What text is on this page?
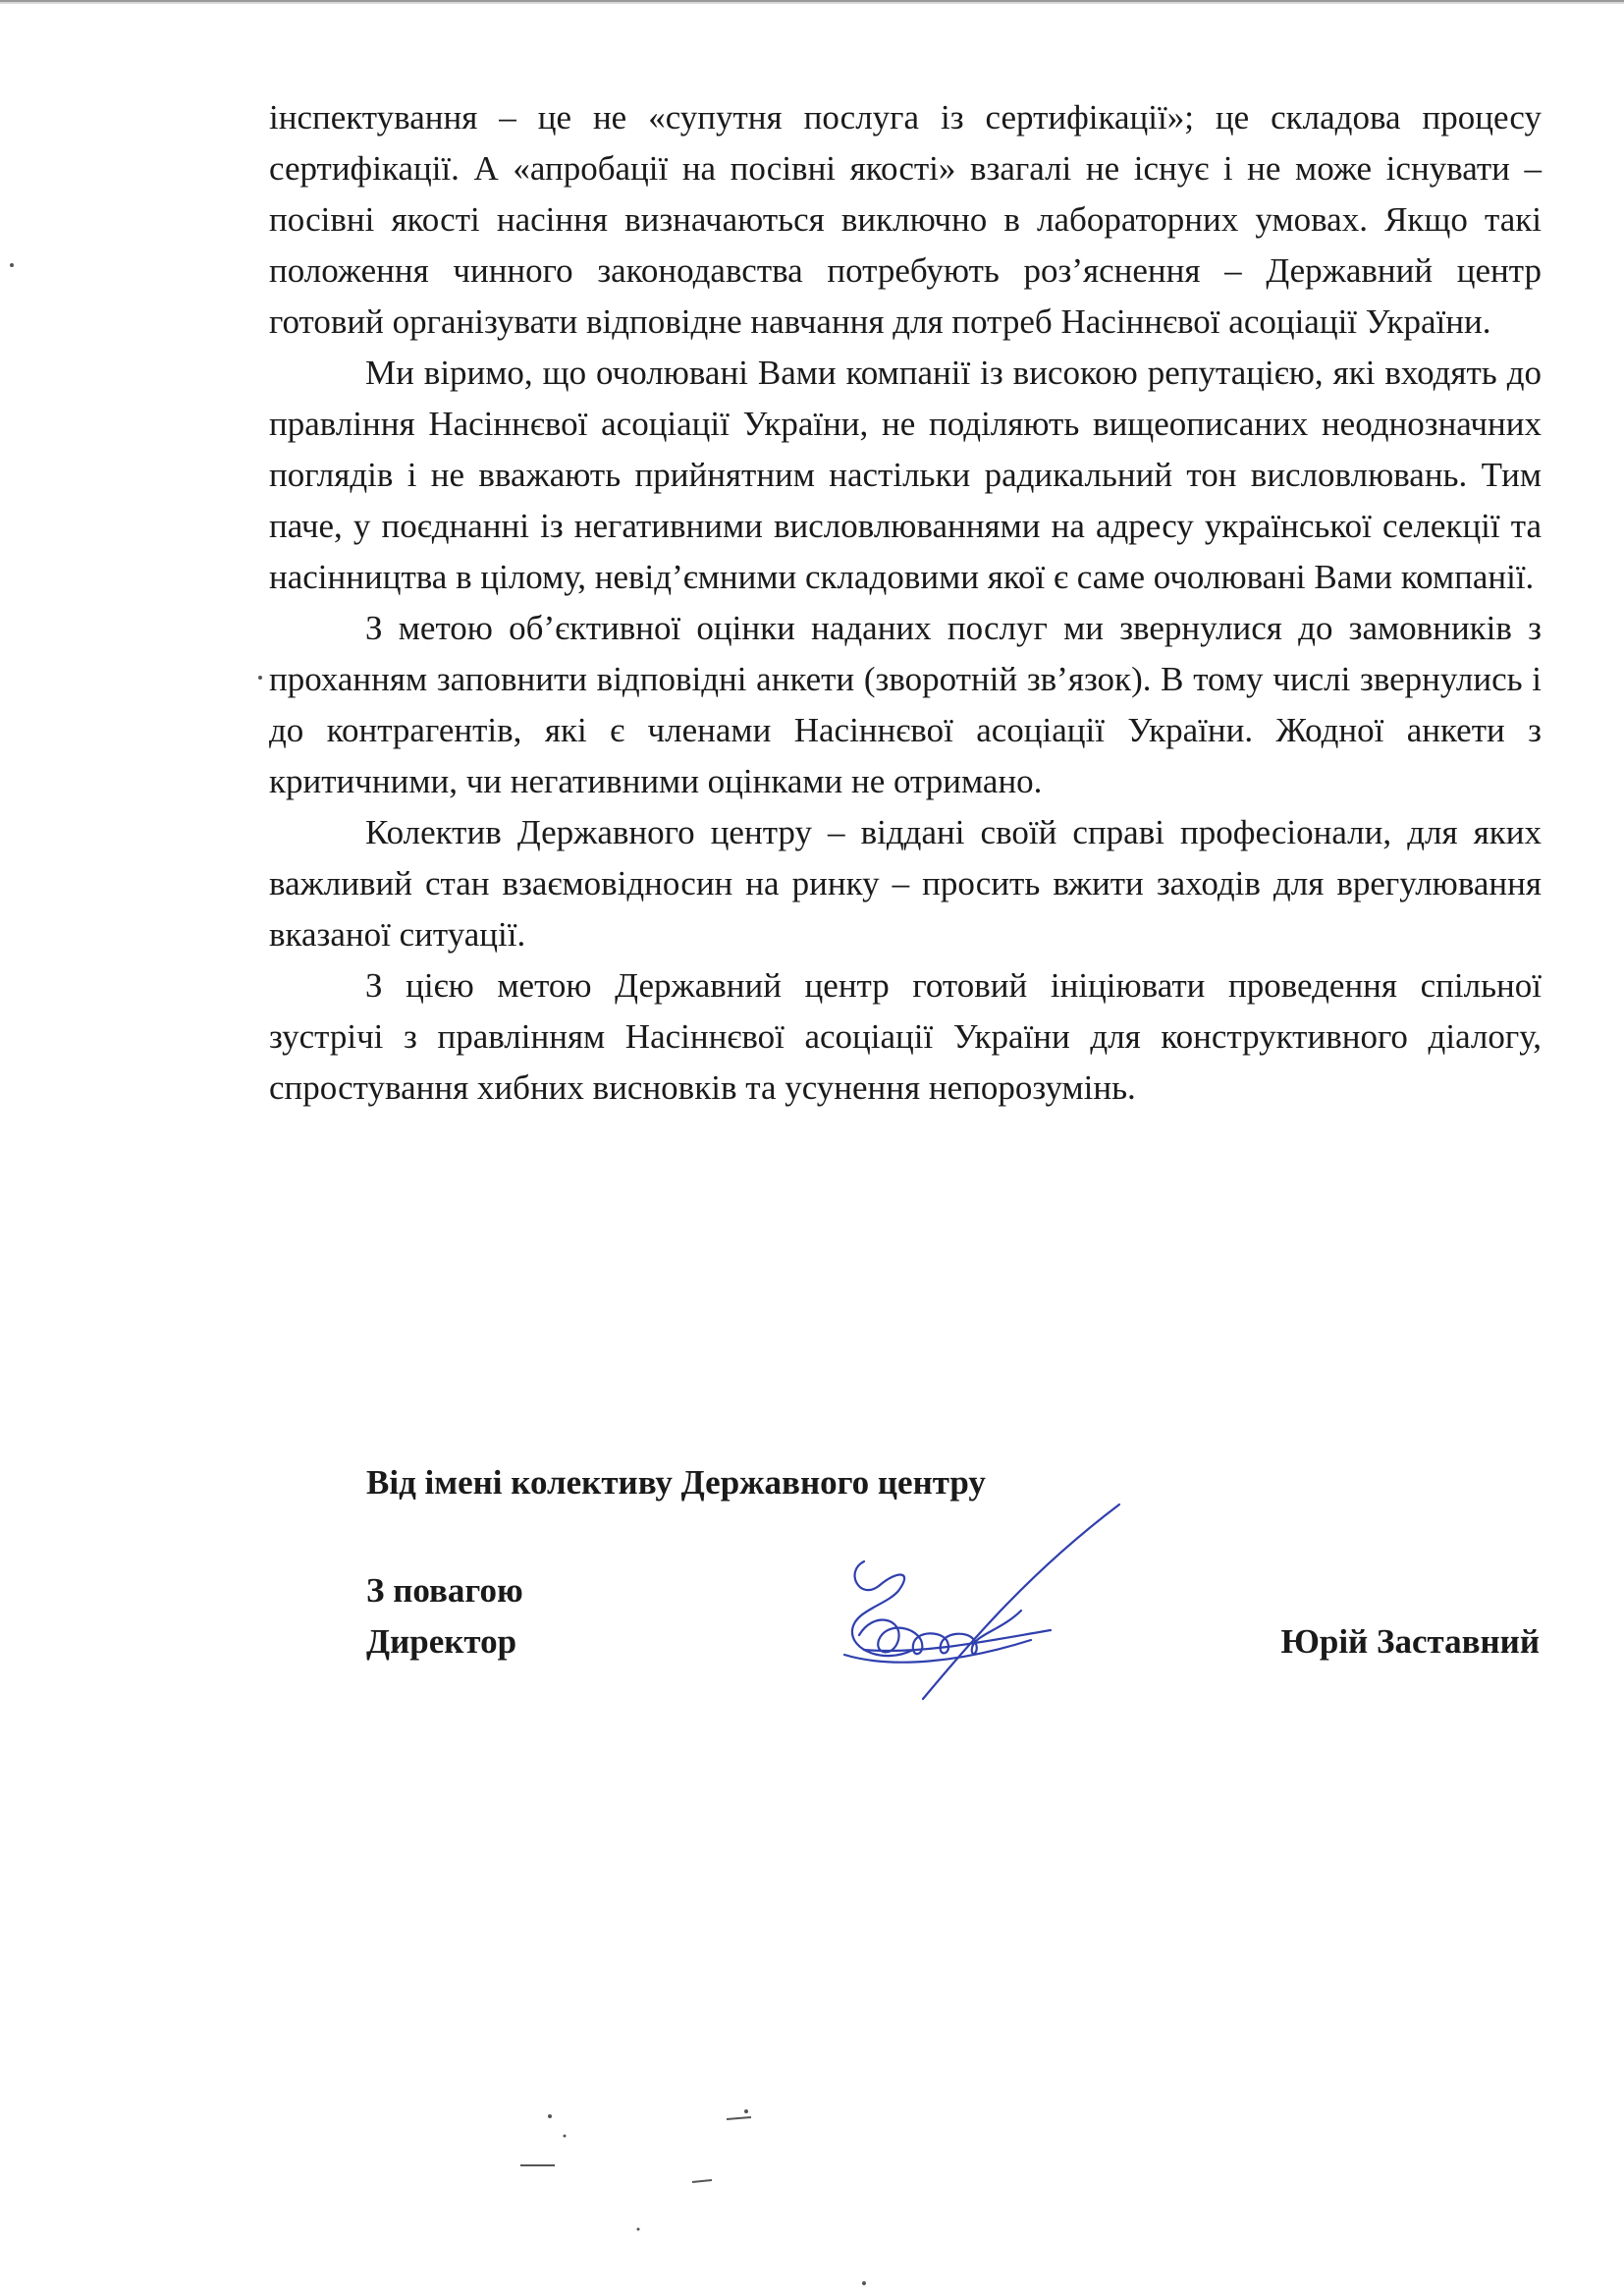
інспектування – це не «супутня послуга із сертифікації»; це складова процесу сертифікації. А «апробації на посівні якості» взагалі не існує і не може існувати – посівні якості насіння визначаються виключно в лабораторних умовах. Якщо такі положення чинного законодавства потребують роз’яснення – Державний центр готовий організувати відповідне навчання для потреб Насіннєвої асоціації України.

Ми віримо, що очолювані Вами компанії із високою репутацією, які входять до правління Насіннєвої асоціації України, не поділяють вищеописаних неоднозначних поглядів і не вважають прийнятним настільки радикальний тон висловлювань. Тим паче, у поєднанні із негативними висловлюваннями на адресу української селекції та насінництва в цілому, невід’ємними складовими якої є саме очолювані Вами компанії.

З метою об’єктивної оцінки наданих послуг ми звернулися до замовників з проханням заповнити відповідні анкети (зворотній зв’язок). В тому числі звернулись і до контрагентів, які є членами Насіннєвої асоціації України. Жодної анкети з критичними, чи негативними оцінками не отримано.

Колектив Державного центру – віддані своїй справі професіонали, для яких важливий стан взаємовідносин на ринку – просить вжити заходів для врегулювання вказаної ситуації.

З цією метою Державний центр готовий ініціювати проведення спільної зустрічі з правлінням Насіннєвої асоціації України для конструктивного діалогу, спростування хибних висновків та усунення непорозумінь.

Від імені колективу Державного центру
З повагою
Директор	Юрій Заставний
